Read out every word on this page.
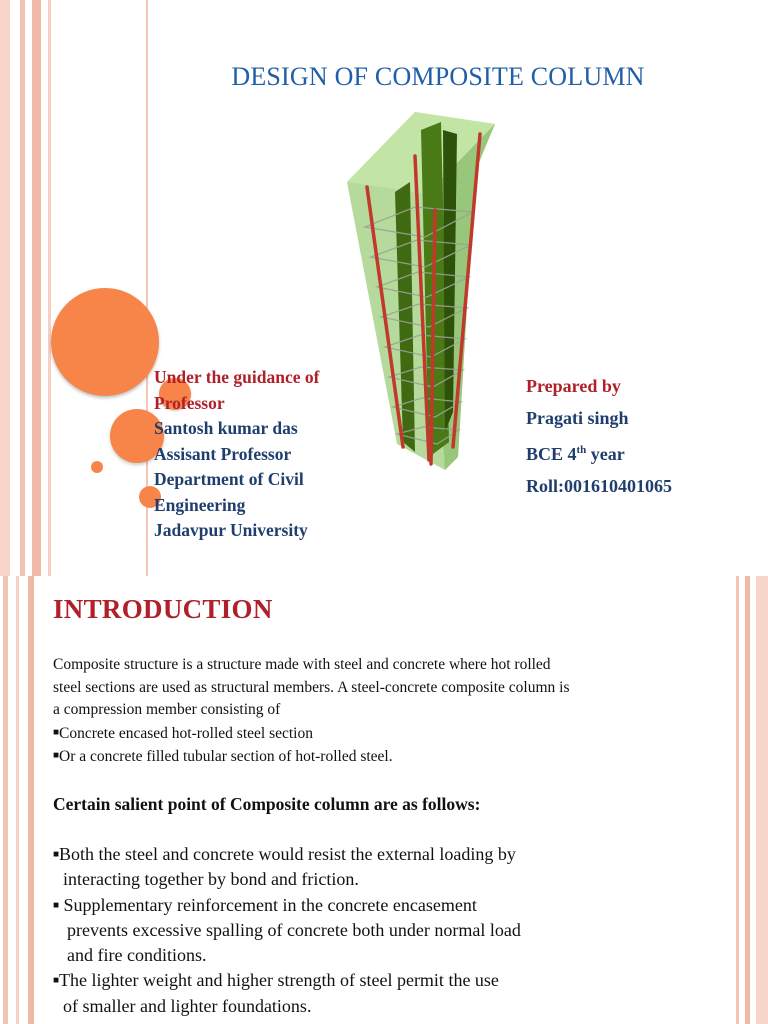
DESIGN OF COMPOSITE COLUMN
Under the guidance of
Professor
Santosh kumar das
Assisant Professor
Department of Civil
Engineering
Jadavpur University
Prepared by
Pragati singh
BCE 4th year
Roll:001610401065
INTRODUCTION
Composite structure is a structure made with steel and concrete where hot rolled
steel sections are used as structural members. A steel-concrete composite column is
a compression member consisting of
■Concrete encased hot-rolled steel section
■Or a concrete filled tubular section of hot-rolled steel.
Certain salient point of Composite column are as follows:
■Both the steel and concrete would resist the external loading by
interacting together by bond and friction.
■ Supplementary reinforcement in the concrete encasement
prevents excessive spalling of concrete both under normal load
and fire conditions.
■The lighter weight and higher strength of steel permit the use
of smaller and lighter foundations.
